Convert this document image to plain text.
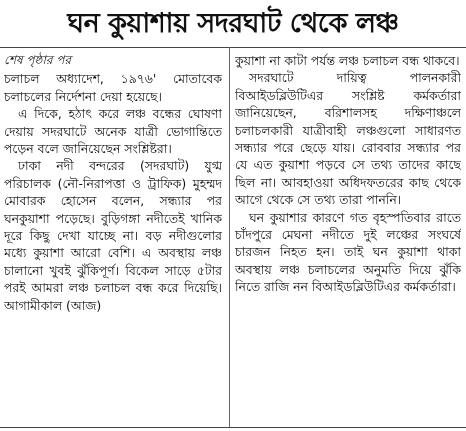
ঘন কুয়াশায় সদরঘাট থেকে লঞ্চ

শেষ পৃষ্ঠার পর

চলাচল অধ্যাদেশ, ১৯৭৬' মোতাবেক চলাচলের নির্দেশনা দেয়া হয়েছে।

এ দিকে, হঠাৎ করে লঞ্চ বন্ধের ঘোষণা দেয়ায় সদরঘাটে অনেক যাত্রী ভোগান্তিতে পড়েন বলে জানিয়েছেন সংশ্লিষ্টরা।

ঢাকা নদী বন্দরের (সদরঘাট) যুগ্ম পরিচালক (নৌ-নিরাপত্তা ও ট্রাফিক) মুহম্মদ মোবারক হোসেন বলেন, সন্ধ্যার পর ঘনকুয়াশা পড়েছে। বুড়িগঙ্গা নদীতেই খানিক দূরে কিছু দেখা যাচ্ছে না। বড় নদীগুলোর মধ্যে কুয়াশা আরো বেশি। এ অবস্থায় লঞ্চ চালানো খুবই ঝুঁকিপূর্ণ। বিকেল সাড়ে ৫টার পরই আমরা লঞ্চ চলাচল বন্ধ করে দিয়েছি। আগামীকাল (আজ)

কুয়াশা না কাটা পর্যন্ত লঞ্চ চলাচল বন্ধ থাকবে।

সদরঘাটে দায়িত্ব পালনকারী বিআইডব্লিউটিএর সংশ্লিষ্ট কর্মকর্তারা জানিয়েছেন, বরিশালসহ দক্ষিণাঞ্চলে চলাচলকারী যাত্রীবাহী লঞ্চগুলো সাধারণত সন্ধ্যার পরে ছেড়ে যায়। রোববার সন্ধ্যার পর যে এত কুয়াশা পড়বে সে তথ্য তাদের কাছে ছিল না। আবহাওয়া অধিদফতরের কাছ থেকে আগে থেকে সে তথ্য তারা পাননি।

ঘন কুয়াশার কারণে গত বৃহস্পতিবার রাতে চাঁদপুরে মেঘনা নদীতে দুই লঞ্চের সংঘর্ষে চারজন নিহত হন। তাই ঘন কুয়াশা থাকা অবস্থায় লঞ্চ চলাচলের অনুমতি দিয়ে ঝুঁকি নিতে রাজি নন বিআইডব্লিউটিএর কর্মকর্তারা।
